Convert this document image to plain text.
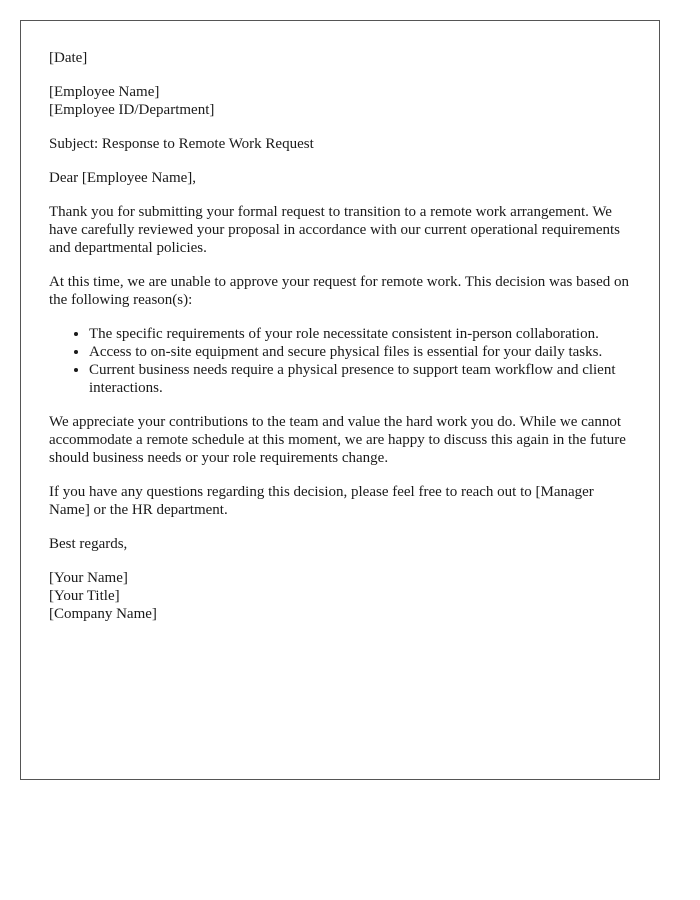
[Date]
[Employee Name]
[Employee ID/Department]

Subject: Response to Remote Work Request

Dear [Employee Name],

Thank you for submitting your formal request to transition to a remote work arrangement. We have carefully reviewed your proposal in accordance with our current operational requirements and departmental policies.

At this time, we are unable to approve your request for remote work. This decision was based on the following reason(s):

• The specific requirements of your role necessitate consistent in-person collaboration.
• Access to on-site equipment and secure physical files is essential for your daily tasks.
• Current business needs require a physical presence to support team workflow and client interactions.

We appreciate your contributions to the team and value the hard work you do. While we cannot accommodate a remote schedule at this moment, we are happy to discuss this again in the future should business needs or your role requirements change.

If you have any questions regarding this decision, please feel free to reach out to [Manager Name] or the HR department.

Best regards,

[Your Name]
[Your Title]
[Company Name]
